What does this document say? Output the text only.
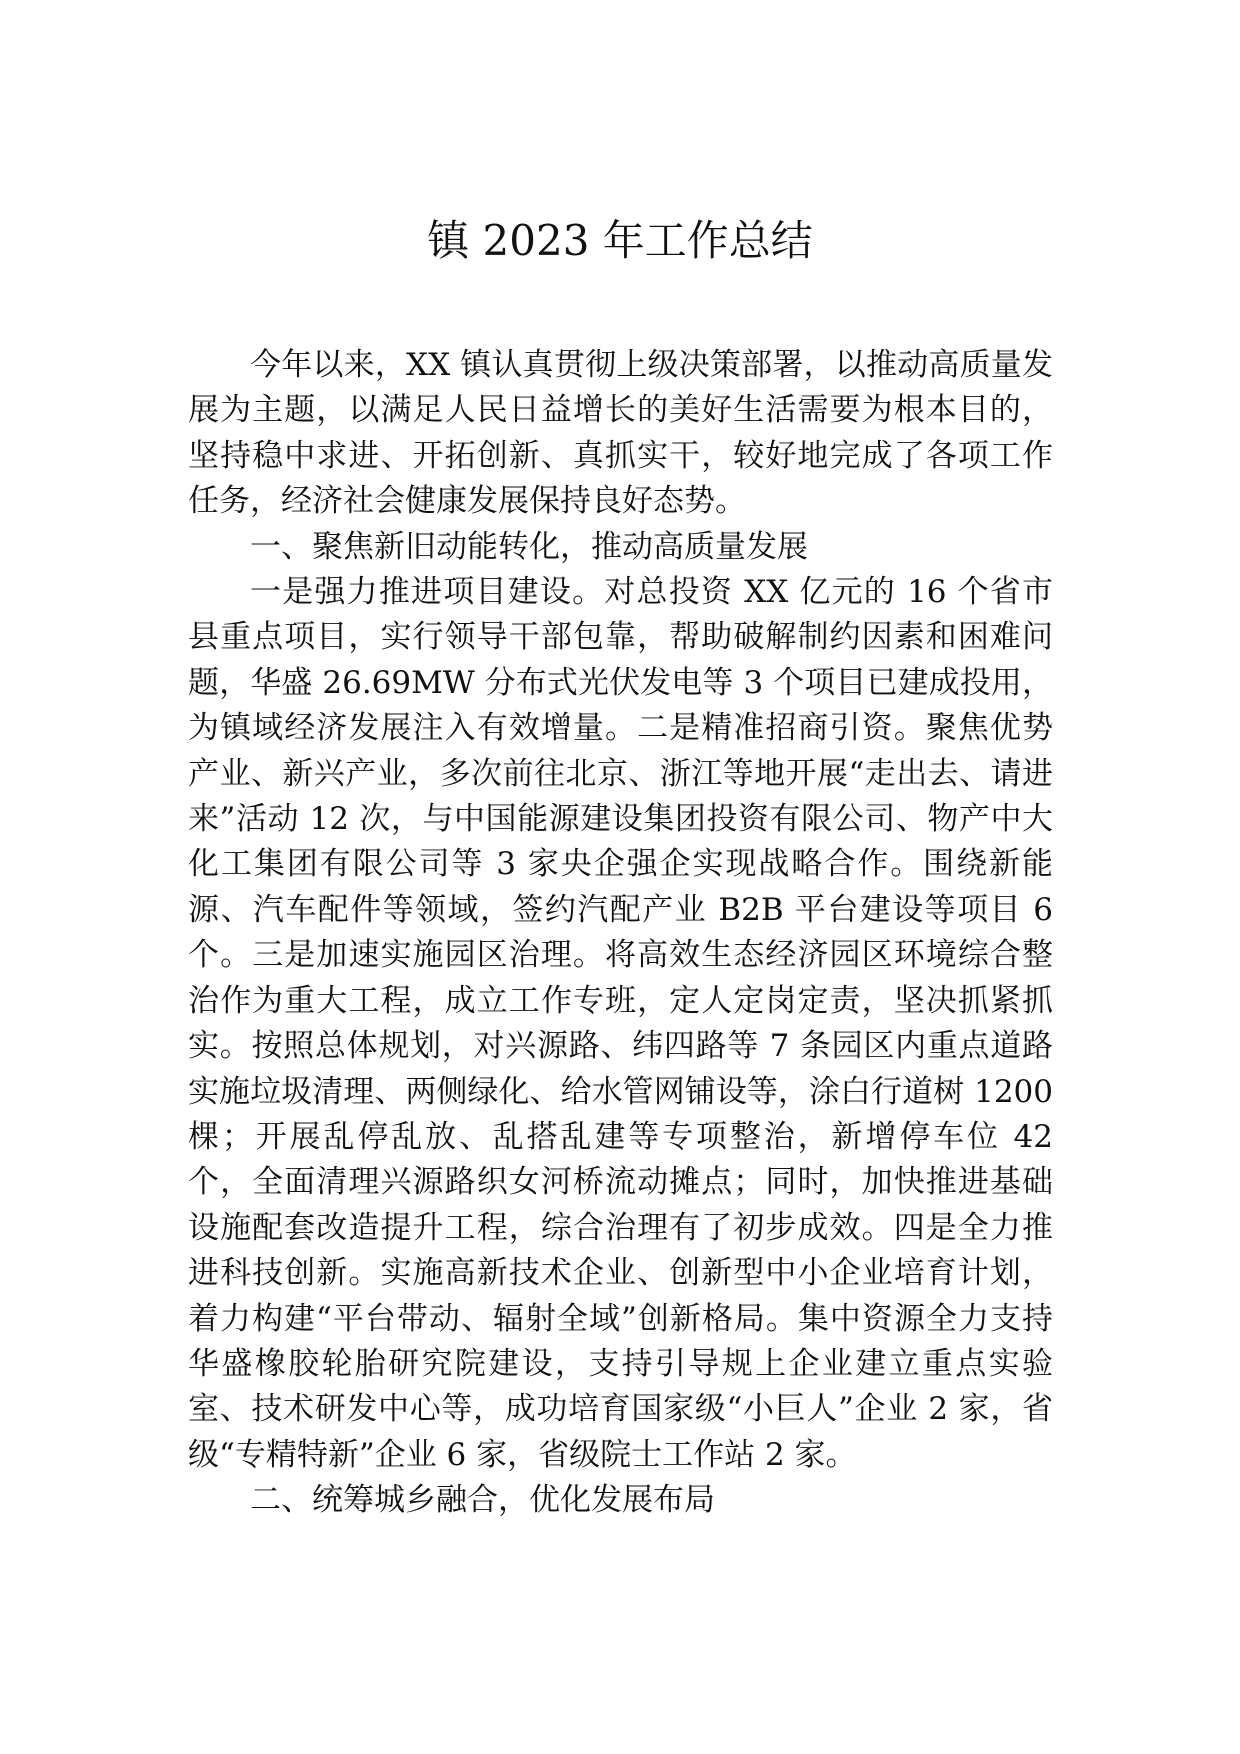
镇 2023 年工作总结

今年以来，XX 镇认真贯彻上级决策部署，以推动高质量发展为主题，以满足人民日益增长的美好生活需要为根本目的，坚持稳中求进、开拓创新、真抓实干，较好地完成了各项工作任务，经济社会健康发展保持良好态势。

一、聚焦新旧动能转化，推动高质量发展

一是强力推进项目建设。对总投资 XX 亿元的 16 个省市县重点项目，实行领导干部包靠，帮助破解制约因素和困难问题，华盛 26.69MW 分布式光伏发电等 3 个项目已建成投用，为镇域经济发展注入有效增量。二是精准招商引资。聚焦优势产业、新兴产业，多次前往北京、浙江等地开展“走出去、请进来”活动 12 次，与中国能源建设集团投资有限公司、物产中大化工集团有限公司等 3 家央企强企实现战略合作。围绕新能源、汽车配件等领域，签约汽配产业 B2B 平台建设等项目 6 个。三是加速实施园区治理。将高效生态经济园区环境综合整治作为重大工程，成立工作专班，定人定岗定责，坚决抓紧抓实。按照总体规划，对兴源路、纬四路等 7 条园区内重点道路实施垃圾清理、两侧绿化、给水管网铺设等，涂白行道树 1200 棵；开展乱停乱放、乱搭乱建等专项整治，新增停车位 42 个，全面清理兴源路织女河桥流动摊点；同时，加快推进基础设施配套改造提升工程，综合治理有了初步成效。四是全力推进科技创新。实施高新技术企业、创新型中小企业培育计划，着力构建“平台带动、辐射全域”创新格局。集中资源全力支持华盛橡胶轮胎研究院建设，支持引导规上企业建立重点实验室、技术研发中心等，成功培育国家级“小巨人”企业 2 家，省级“专精特新”企业 6 家，省级院士工作站 2 家。

二、统筹城乡融合，优化发展布局
